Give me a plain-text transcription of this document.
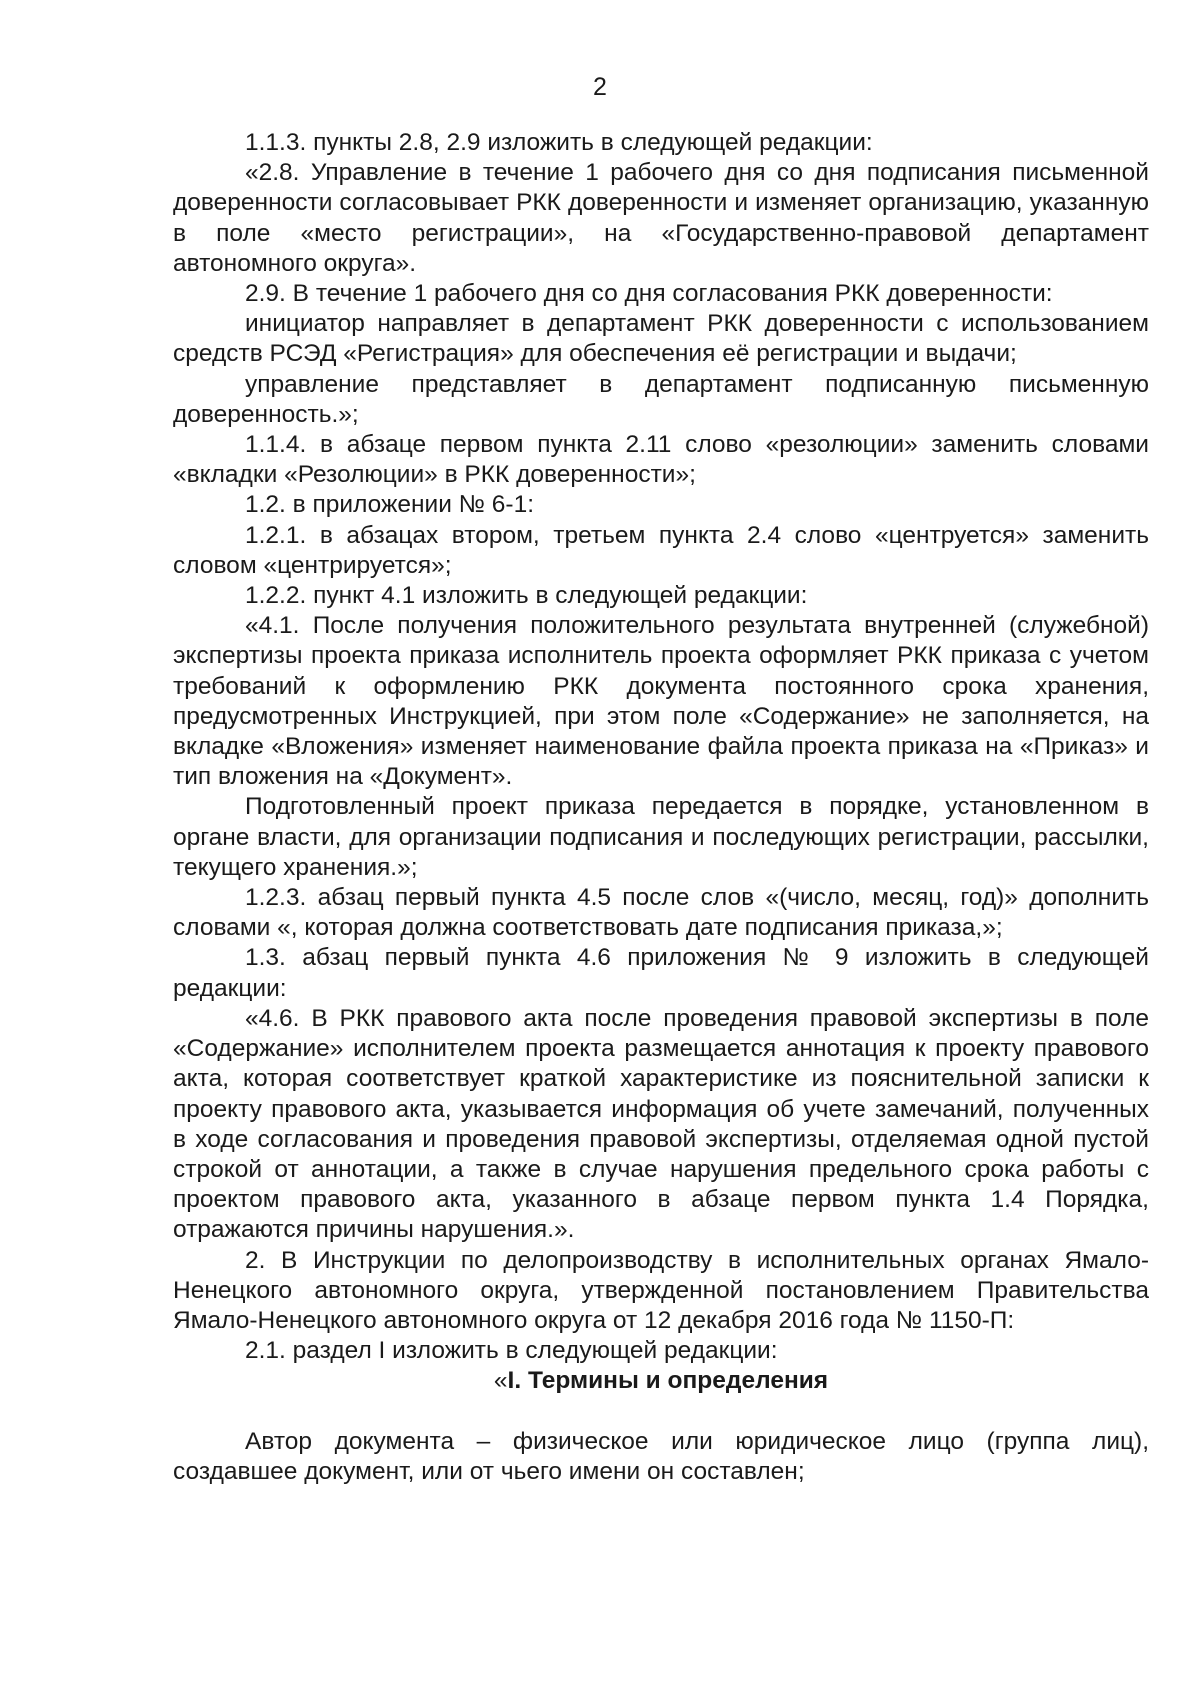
2

1.1.3. пункты 2.8, 2.9 изложить в следующей редакции:

«2.8. Управление в течение 1 рабочего дня со дня подписания письменной доверенности согласовывает РКК доверенности и изменяет организацию, указанную в поле «место регистрации», на «Государственно-правовой департамент автономного округа».

2.9. В течение 1 рабочего дня со дня согласования РКК доверенности:

инициатор направляет в департамент РКК доверенности с использованием средств РСЭД «Регистрация» для обеспечения её регистрации и выдачи;

управление представляет в департамент подписанную письменную доверенность.»;

1.1.4. в абзаце первом пункта 2.11 слово «резолюции» заменить словами «вкладки «Резолюции» в РКК доверенности»;

1.2. в приложении № 6-1:

1.2.1. в абзацах втором, третьем пункта 2.4 слово «центруется» заменить словом «центрируется»;

1.2.2. пункт 4.1 изложить в следующей редакции:

«4.1. После получения положительного результата внутренней (служебной) экспертизы проекта приказа исполнитель проекта оформляет РКК приказа с учетом требований к оформлению РКК документа постоянного срока хранения, предусмотренных Инструкцией, при этом поле «Содержание» не заполняется, на вкладке «Вложения» изменяет наименование файла проекта приказа на «Приказ» и тип вложения на «Документ».

Подготовленный проект приказа передается в порядке, установленном в органе власти, для организации подписания и последующих регистрации, рассылки, текущего хранения.»;

1.2.3. абзац первый пункта 4.5 после слов «(число, месяц, год)» дополнить словами «, которая должна соответствовать дате подписания приказа,»;

1.3. абзац первый пункта 4.6 приложения № 9 изложить в следующей редакции:

«4.6. В РКК правового акта после проведения правовой экспертизы в поле «Содержание» исполнителем проекта размещается аннотация к проекту правового акта, которая соответствует краткой характеристике из пояснительной записки к проекту правового акта, указывается информация об учете замечаний, полученных в ходе согласования и проведения правовой экспертизы, отделяемая одной пустой строкой от аннотации, а также в случае нарушения предельного срока работы с проектом правового акта, указанного в абзаце первом пункта 1.4 Порядка, отражаются причины нарушения.».

2. В Инструкции по делопроизводству в исполнительных органах Ямало-Ненецкого автономного округа, утвержденной постановлением Правительства Ямало-Ненецкого автономного округа от 12 декабря 2016 года № 1150-П:

2.1. раздел I изложить в следующей редакции:

«I. Термины и определения

Автор документа – физическое или юридическое лицо (группа лиц), создавшее документ, или от чьего имени он составлен;
